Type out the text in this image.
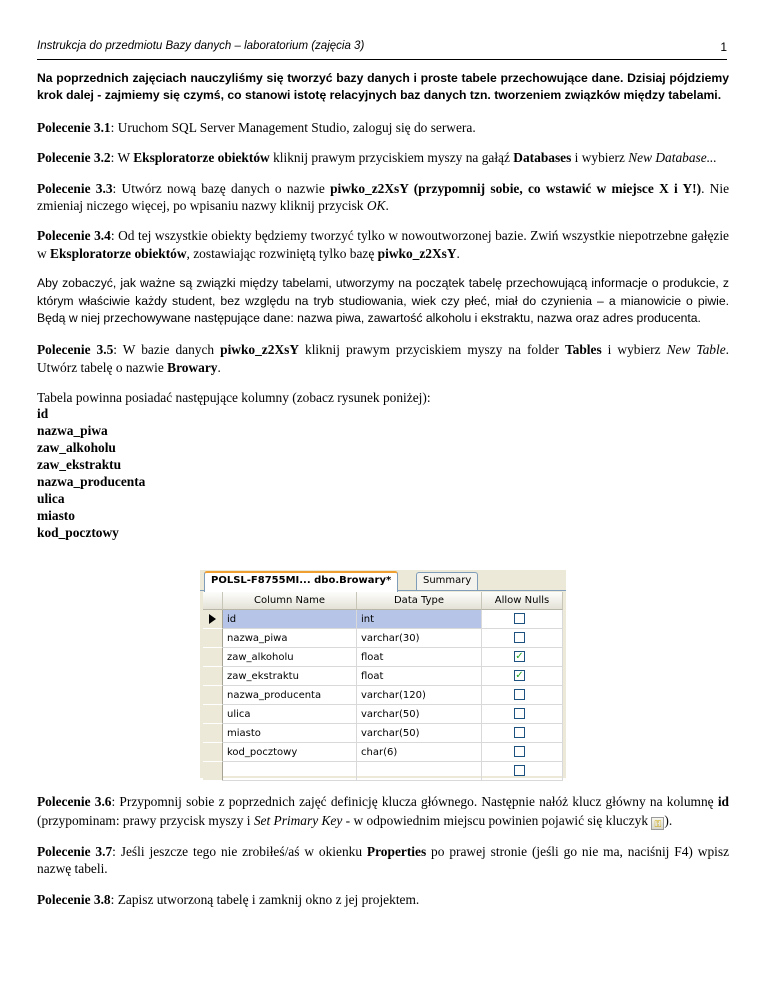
Instrukcja do przedmiotu Bazy danych – laboratorium (zajęcia 3)	1

Na poprzednich zajęciach nauczyliśmy się tworzyć bazy danych i proste tabele przechowujące dane. Dzisiaj pójdziemy krok dalej - zajmiemy się czymś, co stanowi istotę relacyjnych baz danych tzn. tworzeniem związków między tabelami.

Polecenie 3.1: Uruchom SQL Server Management Studio, zaloguj się do serwera.

Polecenie 3.2: W Eksploratorze obiektów kliknij prawym przyciskiem myszy na gałąź Databases i wybierz New Database...

Polecenie 3.3: Utwórz nową bazę danych o nazwie piwko_z2XsY (przypomnij sobie, co wstawić w miejsce X i Y!). Nie zmieniaj niczego więcej, po wpisaniu nazwy kliknij przycisk OK.

Polecenie 3.4: Od tej wszystkie obiekty będziemy tworzyć tylko w nowoutworzonej bazie. Zwiń wszystkie niepotrzebne gałęzie w Eksploratorze obiektów, zostawiając rozwiniętą tylko bazę piwko_z2XsY.

Aby zobaczyć, jak ważne są związki między tabelami, utworzymy na początek tabelę przechowującą informacje o produkcie, z którym właściwie każdy student, bez względu na tryb studiowania, wiek czy płeć, miał do czynienia – a mianowicie o piwie. Będą w niej przechowywane następujące dane: nazwa piwa, zawartość alkoholu i ekstraktu, nazwa oraz adres producenta.

Polecenie 3.5: W bazie danych piwko_z2XsY kliknij prawym przyciskiem myszy na folder Tables i wybierz New Table. Utwórz tabelę o nazwie Browary.

Tabela powinna posiadać następujące kolumny (zobacz rysunek poniżej):

id
nazwa_piwa
zaw_alkoholu
zaw_ekstraktu
nazwa_producenta
ulica
miasto
kod_pocztowy
POLSL-F8755MI... dbo.Browary*	Summary
Column Name	Data Type	Allow Nulls
id	int
nazwa_piwa	varchar(30)
zaw_alkoholu	float	✓
zaw_ekstraktu	float	✓
nazwa_producenta	varchar(120)
ulica	varchar(50)
miasto	varchar(50)
kod_pocztowy	char(6)

Polecenie 3.6: Przypomnij sobie z poprzednich zajęć definicję klucza głównego. Następnie nałóż klucz główny na kolumnę id (przypominam: prawy przycisk myszy i Set Primary Key - w odpowiednim miejscu powinien pojawić się kluczyk ⚿ ).

Polecenie 3.7: Jeśli jeszcze tego nie zrobiłeś/aś w okienku Properties po prawej stronie (jeśli go nie ma, naciśnij F4) wpisz nazwę tabeli.

Polecenie 3.8: Zapisz utworzoną tabelę i zamknij okno z jej projektem.
